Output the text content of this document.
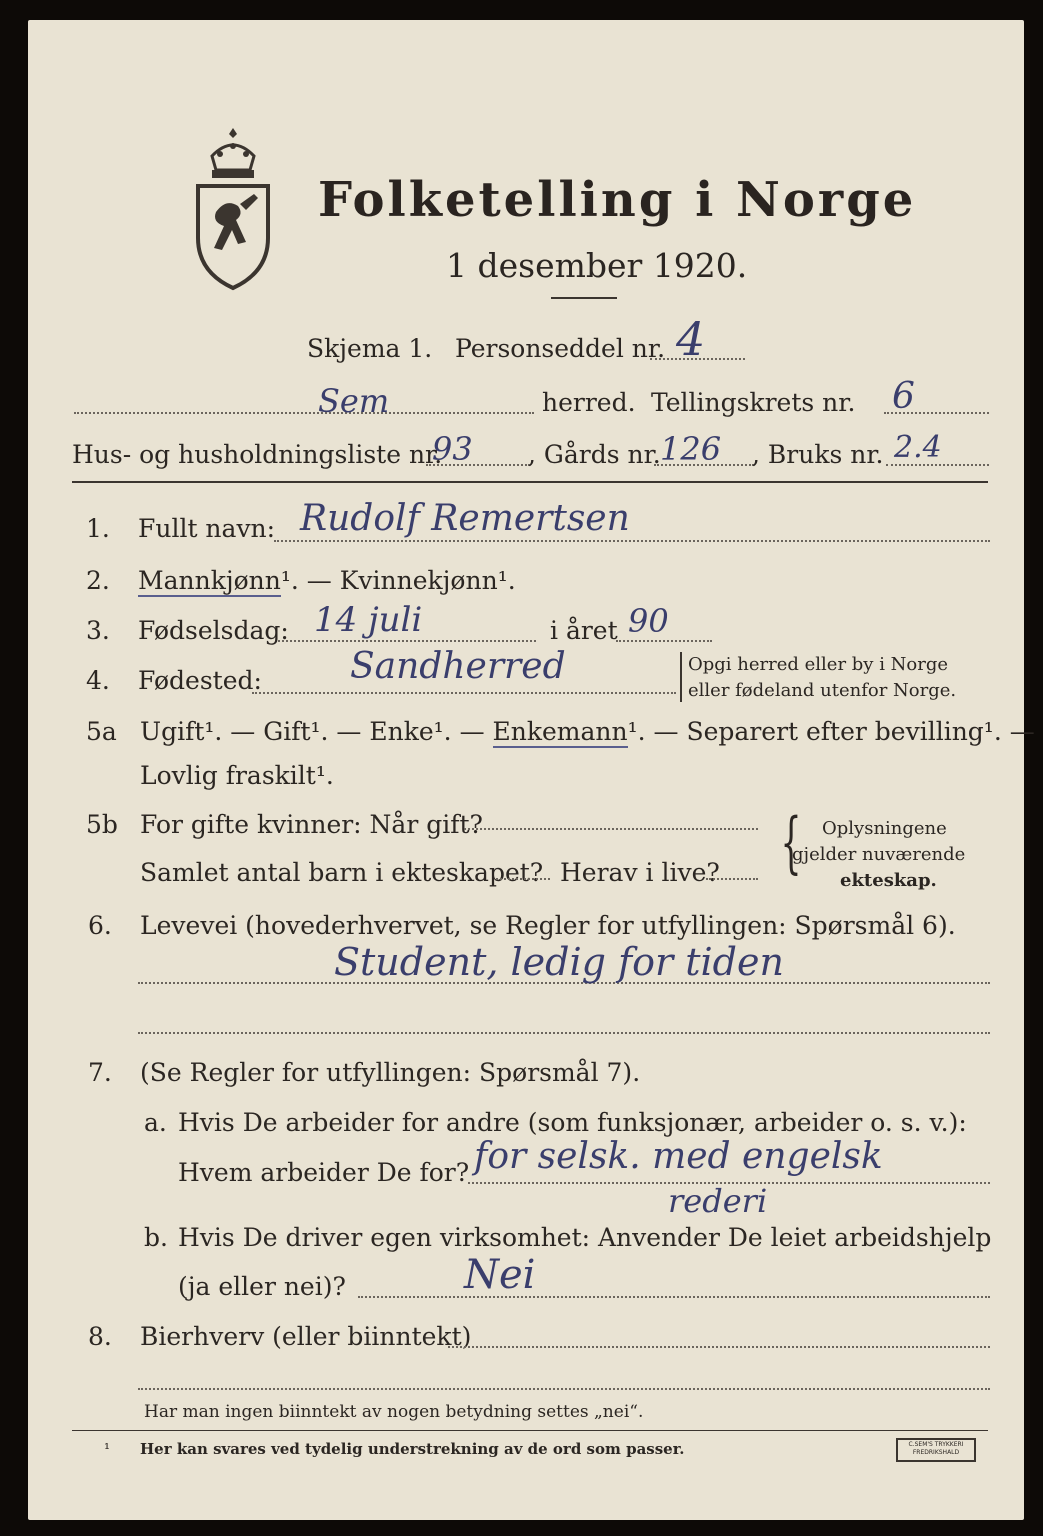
Folketelling i Norge
1 desember 1920.
Skjema 1. Personseddel nr. 4
Sem	herred. Tellingskrets nr. 6
Hus- og husholdningsliste nr.
93 , Gårds nr. 126 , Bruks nr. 2.4
1. Fullt navn: Rudolf Remertsen
2. Mannkjønn¹. — Kvinnekjønn¹.
3. Fødselsdag: 14 juli	i året 90
4. Fødested: Sandherred	Opgi herred eller by i Norge
eller fødeland utenfor Norge.
5a Ugift¹. — Gift¹. — Enke¹. — Enkemann¹. — Separert efter bevilling¹. —
Lovlig fraskilt¹.
5b For gifte kvinner: Når gift?
Samlet antal barn i ekteskapet? Herav i live? { Oplysningene
gjelder nuværende
ekteskap.
6. Levevei (hovederhvervet, se Regler for utfyllingen: Spørsmål 6).
Student, ledig for tiden
7. (Se Regler for utfyllingen: Spørsmål 7).
a. Hvis De arbeider for andre (som funksjonær, arbeider o. s. v.):
Hvem arbeider De for? for selsk. med engelsk
rederi
b. Hvis De driver egen virksomhet: Anvender De leiet arbeidshjelp
(ja eller nei)?	Nei
8. Bierhverv (eller biinntekt)
Har man ingen biinntekt av nogen betydning settes „nei“.
¹ Her kan svares ved tydelig understrekning av de ord som passer.	C.SEM'S TRYKKERI FREDRIKSHALD
